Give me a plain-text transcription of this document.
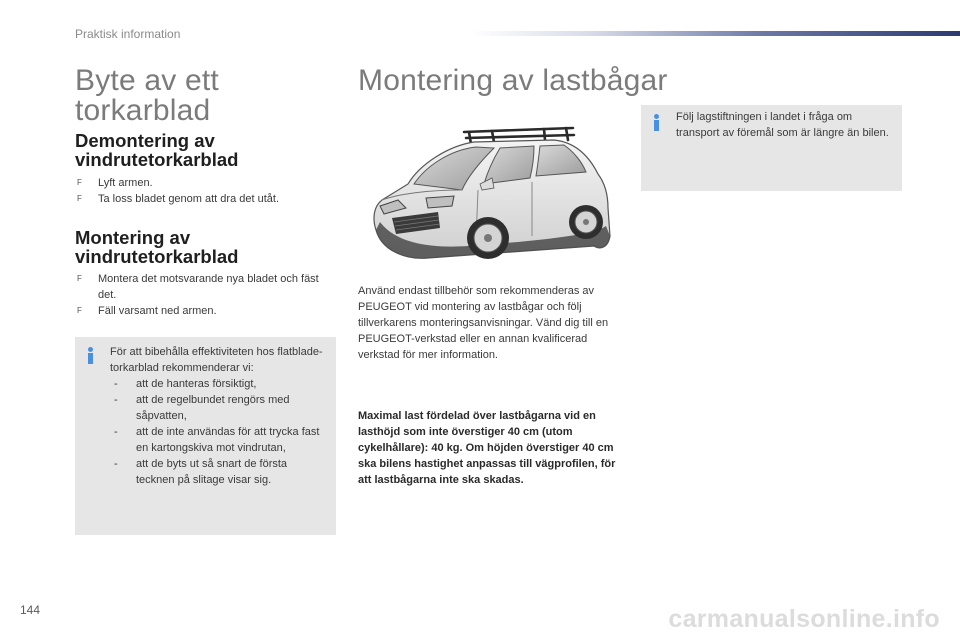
Praktisk information
Byte av ett torkarblad
Demontering av vindrutetorkarblad
F Lyft armen.
F Ta loss bladet genom att dra det utåt.
Montering av vindrutetorkarblad
F Montera det motsvarande nya bladet och fäst det.
F Fäll varsamt ned armen.

För att bibehålla effektiviteten hos flatblade-torkarblad rekommenderar vi:

- att de hanteras försiktigt,
- att de regelbundet rengörs med såpvatten,
- att de inte användas för att trycka fast en kartongskiva mot vindrutan,
- att de byts ut så snart de första tecknen på slitage visar sig.
Montering av lastbågar

Använd endast tillbehör som rekommenderas av PEUGEOT vid montering av lastbågar och följ tillverkarens monteringsanvisningar. Vänd dig till en PEUGEOT-verkstad eller en annan kvalificerad verkstad för mer information.

Maximal last fördelad över lastbågarna vid en lasthöjd som inte överstiger 40 cm (utom cykelhållare): 40 kg. Om höjden överstiger 40 cm ska bilens hastighet anpassas till vägprofilen, för att lastbågarna inte ska skadas.

Följ lagstiftningen i landet i fråga om transport av föremål som är längre än bilen.

144	carmanualsonline.info
